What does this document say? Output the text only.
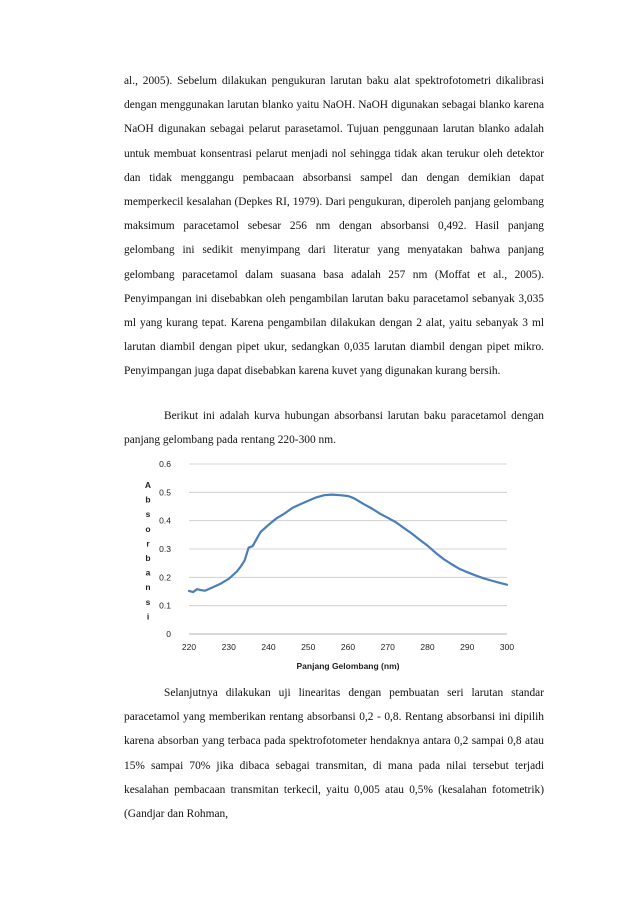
al., 2005). Sebelum dilakukan pengukuran larutan baku alat spektrofotometri dikalibrasi dengan menggunakan larutan blanko yaitu NaOH. NaOH digunakan sebagai blanko karena NaOH digunakan sebagai pelarut parasetamol. Tujuan penggunaan larutan blanko adalah untuk membuat konsentrasi pelarut menjadi nol sehingga tidak akan terukur oleh detektor dan tidak menggangu pembacaan absorbansi sampel dan dengan demikian dapat memperkecil kesalahan (Depkes RI, 1979). Dari pengukuran, diperoleh panjang gelombang maksimum paracetamol sebesar 256 nm dengan absorbansi 0,492. Hasil panjang gelombang ini sedikit menyimpang dari literatur yang menyatakan bahwa panjang gelombang paracetamol dalam suasana basa adalah 257 nm (Moffat et al., 2005). Penyimpangan ini disebabkan oleh pengambilan larutan baku paracetamol sebanyak 3,035 ml yang kurang tepat. Karena pengambilan dilakukan dengan 2 alat, yaitu sebanyak 3 ml larutan diambil dengan pipet ukur, sedangkan 0,035 larutan diambil dengan pipet mikro. Penyimpangan juga dapat disebabkan karena kuvet yang digunakan kurang bersih.

Berikut ini adalah kurva hubungan absorbansi larutan baku paracetamol dengan panjang gelombang pada rentang 220-300 nm.

0
0.1
0.2
0.3
0.4
0.5
0.6
220	230	240	250	260	270	280	290	300
Panjang Gelombang (nm)
A
b
s
o
r
b
a
n
s
i

Selanjutnya dilakukan uji linearitas dengan pembuatan seri larutan standar paracetamol yang memberikan rentang absorbansi 0,2 - 0,8. Rentang absorbansi ini dipilih karena absorban yang terbaca pada spektrofotometer hendaknya antara 0,2 sampai 0,8 atau 15% sampai 70% jika dibaca sebagai transmitan, di mana pada nilai tersebut terjadi kesalahan pembacaan transmitan terkecil, yaitu 0,005 atau 0,5% (kesalahan fotometrik) (Gandjar dan Rohman,
